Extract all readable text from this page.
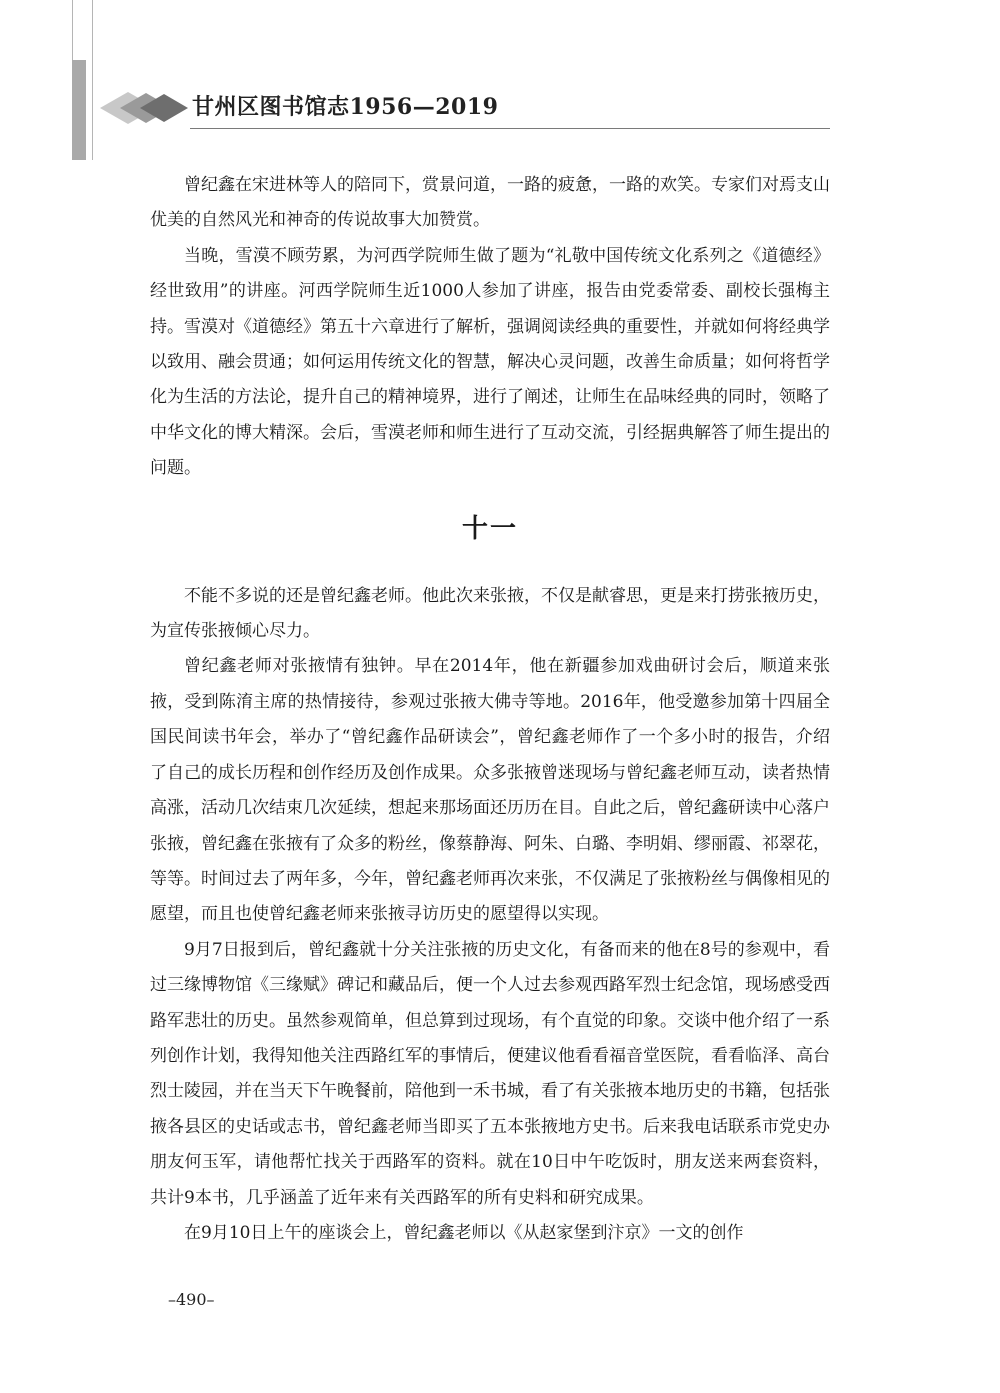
甘州区图书馆志1956—2019

曾纪鑫在宋进林等人的陪同下，赏景问道，一路的疲惫，一路的欢笑。专家们对焉支山优美的自然风光和神奇的传说故事大加赞赏。

当晚，雪漠不顾劳累，为河西学院师生做了题为“礼敬中国传统文化系列之《道德经》经世致用”的讲座。河西学院师生近1000人参加了讲座，报告由党委常委、副校长强梅主持。雪漠对《道德经》第五十六章进行了解析，强调阅读经典的重要性，并就如何将经典学以致用、融会贯通；如何运用传统文化的智慧，解决心灵问题，改善生命质量；如何将哲学化为生活的方法论，提升自己的精神境界，进行了阐述，让师生在品味经典的同时，领略了中华文化的博大精深。会后，雪漠老师和师生进行了互动交流，引经据典解答了师生提出的问题。

十一

不能不多说的还是曾纪鑫老师。他此次来张掖，不仅是献睿思，更是来打捞张掖历史，为宣传张掖倾心尽力。

曾纪鑫老师对张掖情有独钟。早在2014年，他在新疆参加戏曲研讨会后，顺道来张掖，受到陈淯主席的热情接待，参观过张掖大佛寺等地。2016年，他受邀参加第十四届全国民间读书年会，举办了“曾纪鑫作品研读会”，曾纪鑫老师作了一个多小时的报告，介绍了自己的成长历程和创作经历及创作成果。众多张掖曾迷现场与曾纪鑫老师互动，读者热情高涨，活动几次结束几次延续，想起来那场面还历历在目。自此之后，曾纪鑫研读中心落户张掖，曾纪鑫在张掖有了众多的粉丝，像蔡静海、阿朱、白璐、李明娟、缪丽霞、祁翠花，等等。时间过去了两年多，今年，曾纪鑫老师再次来张，不仅满足了张掖粉丝与偶像相见的愿望，而且也使曾纪鑫老师来张掖寻访历史的愿望得以实现。

9月7日报到后，曾纪鑫就十分关注张掖的历史文化，有备而来的他在8号的参观中，看过三缘博物馆《三缘赋》碑记和藏品后，便一个人过去参观西路军烈士纪念馆，现场感受西路军悲壮的历史。虽然参观简单，但总算到过现场，有个直觉的印象。交谈中他介绍了一系列创作计划，我得知他关注西路红军的事情后，便建议他看看福音堂医院，看看临泽、高台烈士陵园，并在当天下午晚餐前，陪他到一禾书城，看了有关张掖本地历史的书籍，包括张掖各县区的史话或志书，曾纪鑫老师当即买了五本张掖地方史书。后来我电话联系市党史办朋友何玉军，请他帮忙找关于西路军的资料。就在10日中午吃饭时，朋友送来两套资料，共计9本书，几乎涵盖了近年来有关西路军的所有史料和研究成果。

在9月10日上午的座谈会上，曾纪鑫老师以《从赵家堡到汴京》一文的创作

–490–
